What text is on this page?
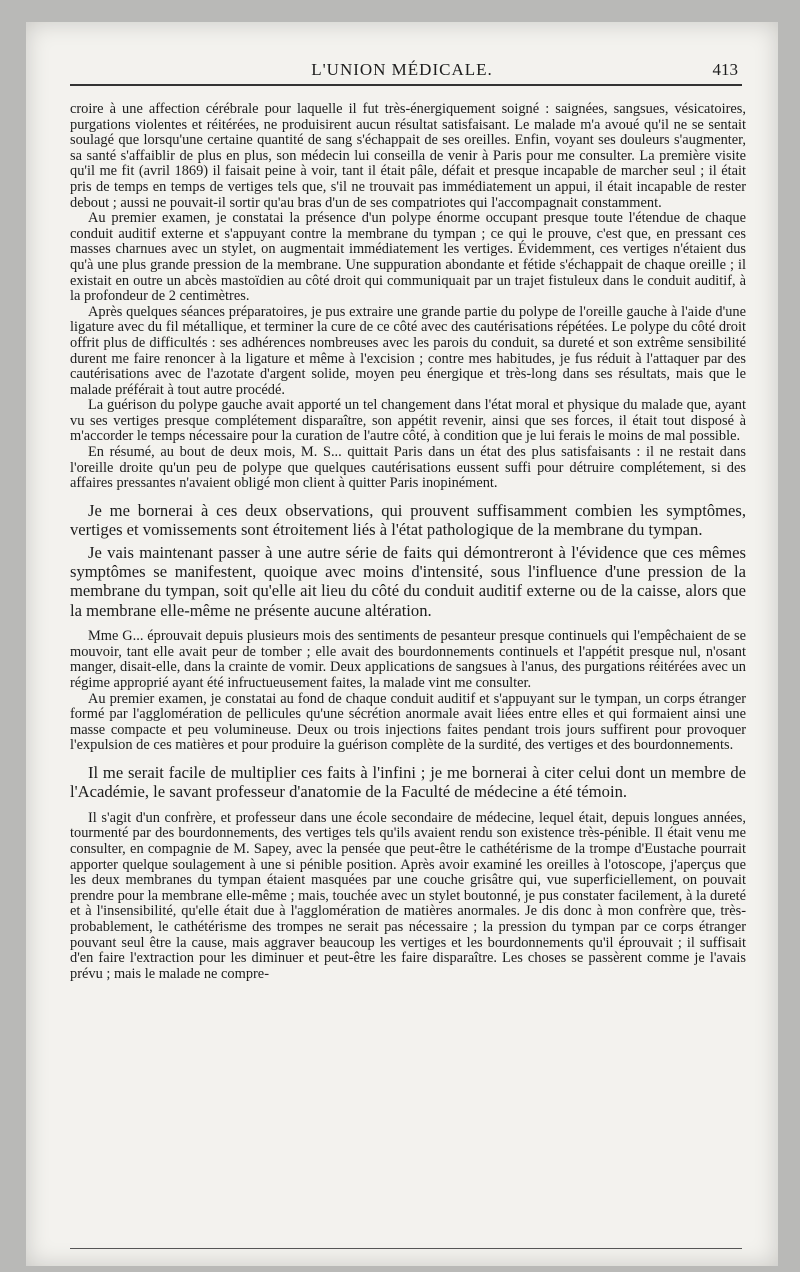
L'UNION MÉDICALE.	413

croire à une affection cérébrale pour laquelle il fut très-énergiquement soigné : saignées, sangsues, vésicatoires, purgations violentes et réitérées, ne produisirent aucun résultat satisfaisant. Le malade m'a avoué qu'il ne se sentait soulagé que lorsqu'une certaine quantité de sang s'échappait de ses oreilles. Enfin, voyant ses douleurs s'augmenter, sa santé s'affaiblir de plus en plus, son médecin lui conseilla de venir à Paris pour me consulter. La première visite qu'il me fit (avril 1869) il faisait peine à voir, tant il était pâle, défait et presque incapable de marcher seul ; il était pris de temps en temps de vertiges tels que, s'il ne trouvait pas immédiatement un appui, il était incapable de rester debout ; aussi ne pouvait-il sortir qu'au bras d'un de ses compatriotes qui l'accompagnait constamment.

Au premier examen, je constatai la présence d'un polype énorme occupant presque toute l'étendue de chaque conduit auditif externe et s'appuyant contre la membrane du tympan ; ce qui le prouve, c'est que, en pressant ces masses charnues avec un stylet, on augmentait immédiatement les vertiges. Évidemment, ces vertiges n'étaient dus qu'à une plus grande pression de la membrane. Une suppuration abondante et fétide s'échappait de chaque oreille ; il existait en outre un abcès mastoïdien au côté droit qui communiquait par un trajet fistuleux dans le conduit auditif, à la profondeur de 2 centimètres.

Après quelques séances préparatoires, je pus extraire une grande partie du polype de l'oreille gauche à l'aide d'une ligature avec du fil métallique, et terminer la cure de ce côté avec des cautérisations répétées. Le polype du côté droit offrit plus de difficultés : ses adhérences nombreuses avec les parois du conduit, sa dureté et son extrême sensibilité durent me faire renoncer à la ligature et même à l'excision ; contre mes habitudes, je fus réduit à l'attaquer par des cautérisations avec de l'azotate d'argent solide, moyen peu énergique et très-long dans ses résultats, mais que le malade préférait à tout autre procédé.

La guérison du polype gauche avait apporté un tel changement dans l'état moral et physique du malade que, ayant vu ses vertiges presque complétement disparaître, son appétit revenir, ainsi que ses forces, il était tout disposé à m'accorder le temps nécessaire pour la curation de l'autre côté, à condition que je lui ferais le moins de mal possible.

En résumé, au bout de deux mois, M. S... quittait Paris dans un état des plus satisfaisants : il ne restait dans l'oreille droite qu'un peu de polype que quelques cautérisations eussent suffi pour détruire complétement, si des affaires pressantes n'avaient obligé mon client à quitter Paris inopinément.

Je me bornerai à ces deux observations, qui prouvent suffisamment combien les symptômes, vertiges et vomissements sont étroitement liés à l'état pathologique de la membrane du tympan.

Je vais maintenant passer à une autre série de faits qui démontreront à l'évidence que ces mêmes symptômes se manifestent, quoique avec moins d'intensité, sous l'influence d'une pression de la membrane du tympan, soit qu'elle ait lieu du côté du conduit auditif externe ou de la caisse, alors que la membrane elle-même ne présente aucune altération.

Mme G... éprouvait depuis plusieurs mois des sentiments de pesanteur presque continuels qui l'empêchaient de se mouvoir, tant elle avait peur de tomber ; elle avait des bourdonnements continuels et l'appétit presque nul, n'osant manger, disait-elle, dans la crainte de vomir. Deux applications de sangsues à l'anus, des purgations réitérées avec un régime approprié ayant été infructueusement faites, la malade vint me consulter.

Au premier examen, je constatai au fond de chaque conduit auditif et s'appuyant sur le tympan, un corps étranger formé par l'agglomération de pellicules qu'une sécrétion anormale avait liées entre elles et qui formaient ainsi une masse compacte et peu volumineuse. Deux ou trois injections faites pendant trois jours suffirent pour provoquer l'expulsion de ces matières et pour produire la guérison complète de la surdité, des vertiges et des bourdonnements.

Il me serait facile de multiplier ces faits à l'infini ; je me bornerai à citer celui dont un membre de l'Académie, le savant professeur d'anatomie de la Faculté de médecine a été témoin.

Il s'agit d'un confrère, et professeur dans une école secondaire de médecine, lequel était, depuis longues années, tourmenté par des bourdonnements, des vertiges tels qu'ils avaient rendu son existence très-pénible. Il était venu me consulter, en compagnie de M. Sapey, avec la pensée que peut-être le cathétérisme de la trompe d'Eustache pourrait apporter quelque soulagement à une si pénible position. Après avoir examiné les oreilles à l'otoscope, j'aperçus que les deux membranes du tympan étaient masquées par une couche grisâtre qui, vue superficiellement, on pouvait prendre pour la membrane elle-même ; mais, touchée avec un stylet boutonné, je pus constater facilement, à la dureté et à l'insensibilité, qu'elle était due à l'agglomération de matières anormales. Je dis donc à mon confrère que, très-probablement, le cathétérisme des trompes ne serait pas nécessaire ; la pression du tympan par ce corps étranger pouvant seul être la cause, mais aggraver beaucoup les vertiges et les bourdonnements qu'il éprouvait ; il suffisait d'en faire l'extraction pour les diminuer et peut-être les faire disparaître. Les choses se passèrent comme je l'avais prévu ; mais le malade ne compre-
